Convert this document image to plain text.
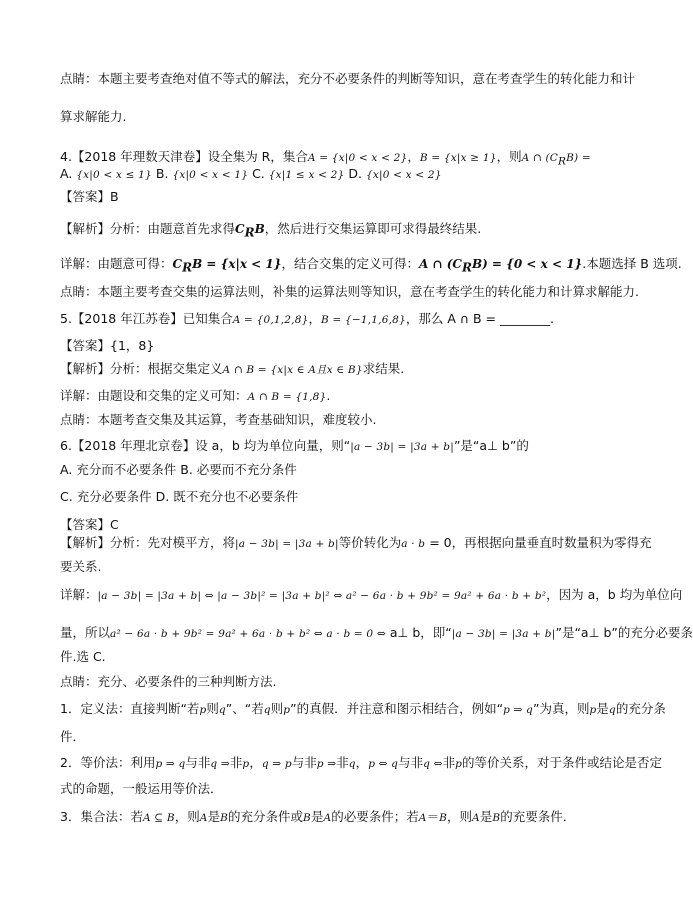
点睛：本题主要考查绝对值不等式的解法，充分不必要条件的判断等知识，意在考查学生的转化能力和计
算求解能力.
4.【2018 年理数天津卷】设全集为 R，集合A = {x|0 < x < 2}，B = {x|x ≥ 1}，则A ∩ $(C_RB)$ =
A. {x|0 < x ≤ 1} B. {x|0 < x < 1} C. {x|1 ≤ x < 2} D. {x|0 < x < 2}
【答案】B
【解析】分析：由题意首先求得$C_RB$，然后进行交集运算即可求得最终结果.
详解：由题意可得：$C_RB = \{x|x < 1\}$，结合交集的定义可得：A ∩ $(C_RB) = \{0 < x < 1\}$.本题选择 B 选项.
点睛：本题主要考查交集的运算法则，补集的运算法则等知识，意在考查学生的转化能力和计算求解能力.
5.【2018 年江苏卷】已知集合A = {0,1,2,8}，B = {−1,1,6,8}，那么 A ∩ B = ________.
【答案】{1，8}
【解析】分析：根据交集定义A ∩ B = {x|x ∈ A且x ∈ B}求结果.
详解：由题设和交集的定义可知：A ∩ B = {1,8}.
点睛：本题考查交集及其运算，考查基础知识，难度较小.
6.【2018 年理北京卷】设 a，b 均为单位向量，则“|a − 3b| = |3a + b|”是“a⊥ b”的
A. 充分而不必要条件 B. 必要而不充分条件
C. 充分必要条件 D. 既不充分也不必要条件
【答案】C
【解析】分析：先对模平方，将|a − 3b| = |3a + b|等价转化为a · b = 0，再根据向量垂直时数量积为零得充
要关系.
详解：|a − 3b| = |3a + b| ⇔ |a − 3b|² = |3a + b|² ⇔ a² − 6a · b + 9b² = 9a² + 6a · b + b²，因为 a，b 均为单位向
量，所以a² − 6a · b + 9b² = 9a² + 6a · b + b² ⇔ a · b = 0 ⇔ a⊥ b，即“|a − 3b| = |3a + b|”是“a⊥ b”的充分必要条
件.选 C.
点睛：充分、必要条件的三种判断方法.
1．定义法：直接判断“若p则q”、“若q则p”的真假．并注意和图示相结合，例如“p ⇒ q”为真，则p是q的充分条
件．
2．等价法：利用p ⇒ q与非q ⇒非p，q ⇒ p与非p ⇒非q，p ⇔ q与非q ⇔非p的等价关系，对于条件或结论是否定
式的命题，一般运用等价法．
3．集合法：若A ⊆ B，则A是B的充分条件或B是A的必要条件；若A＝B，则A是B的充要条件．
